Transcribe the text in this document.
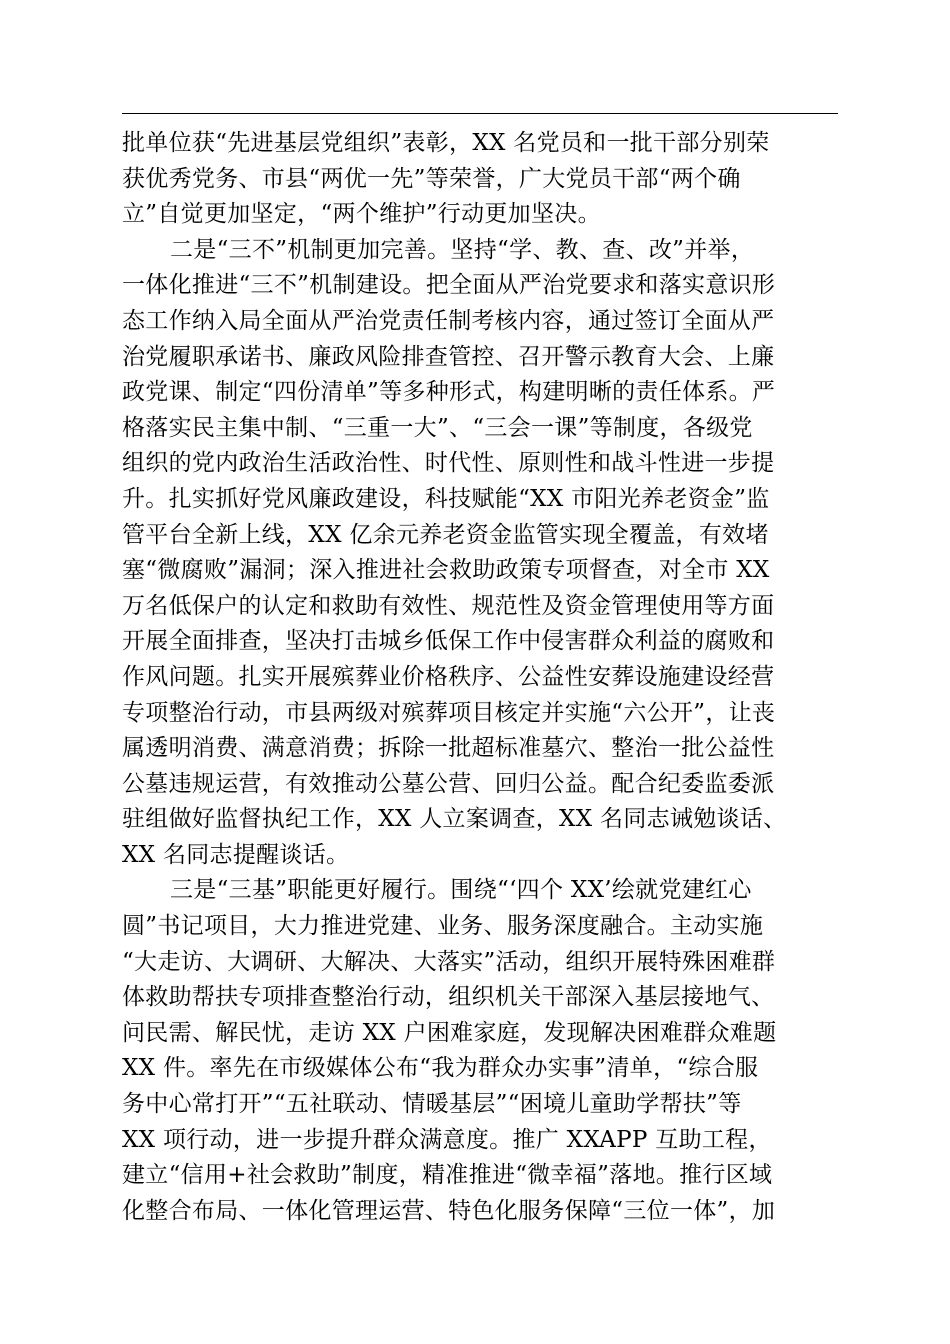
批单位获“先进基层党组织”表彰，XX 名党员和一批干部分别荣
获优秀党务、市县“两优一先”等荣誉，广大党员干部“两个确
立”自觉更加坚定，“两个维护”行动更加坚决。
二是“三不”机制更加完善。坚持“学、教、查、改”并举，
一体化推进“三不”机制建设。把全面从严治党要求和落实意识形
态工作纳入局全面从严治党责任制考核内容，通过签订全面从严
治党履职承诺书、廉政风险排查管控、召开警示教育大会、上廉
政党课、制定“四份清单”等多种形式，构建明晰的责任体系。严
格落实民主集中制、“三重一大”、“三会一课”等制度，各级党
组织的党内政治生活政治性、时代性、原则性和战斗性进一步提
升。扎实抓好党风廉政建设，科技赋能“XX 市阳光养老资金”监
管平台全新上线，XX 亿余元养老资金监管实现全覆盖，有效堵
塞“微腐败”漏洞；深入推进社会救助政策专项督查，对全市 XX
万名低保户的认定和救助有效性、规范性及资金管理使用等方面
开展全面排查，坚决打击城乡低保工作中侵害群众利益的腐败和
作风问题。扎实开展殡葬业价格秩序、公益性安葬设施建设经营
专项整治行动，市县两级对殡葬项目核定并实施“六公开”，让丧
属透明消费、满意消费；拆除一批超标准墓穴、整治一批公益性
公墓违规运营，有效推动公墓公营、回归公益。配合纪委监委派
驻组做好监督执纪工作，XX 人立案调查，XX 名同志诫勉谈话、
XX 名同志提醒谈话。
三是“三基”职能更好履行。围绕“‘四个 XX’绘就党建红心
圆”书记项目，大力推进党建、业务、服务深度融合。主动实施
“大走访、大调研、大解决、大落实”活动，组织开展特殊困难群
体救助帮扶专项排查整治行动，组织机关干部深入基层接地气、
问民需、解民忧，走访 XX 户困难家庭，发现解决困难群众难题
XX 件。率先在市级媒体公布“我为群众办实事”清单，“综合服
务中心常打开”“五社联动、情暖基层”“困境儿童助学帮扶”等
XX 项行动，进一步提升群众满意度。推广 XXAPP 互助工程，
建立“信用+社会救助”制度，精准推进“微幸福”落地。推行区域
化整合布局、一体化管理运营、特色化服务保障“三位一体”，加
